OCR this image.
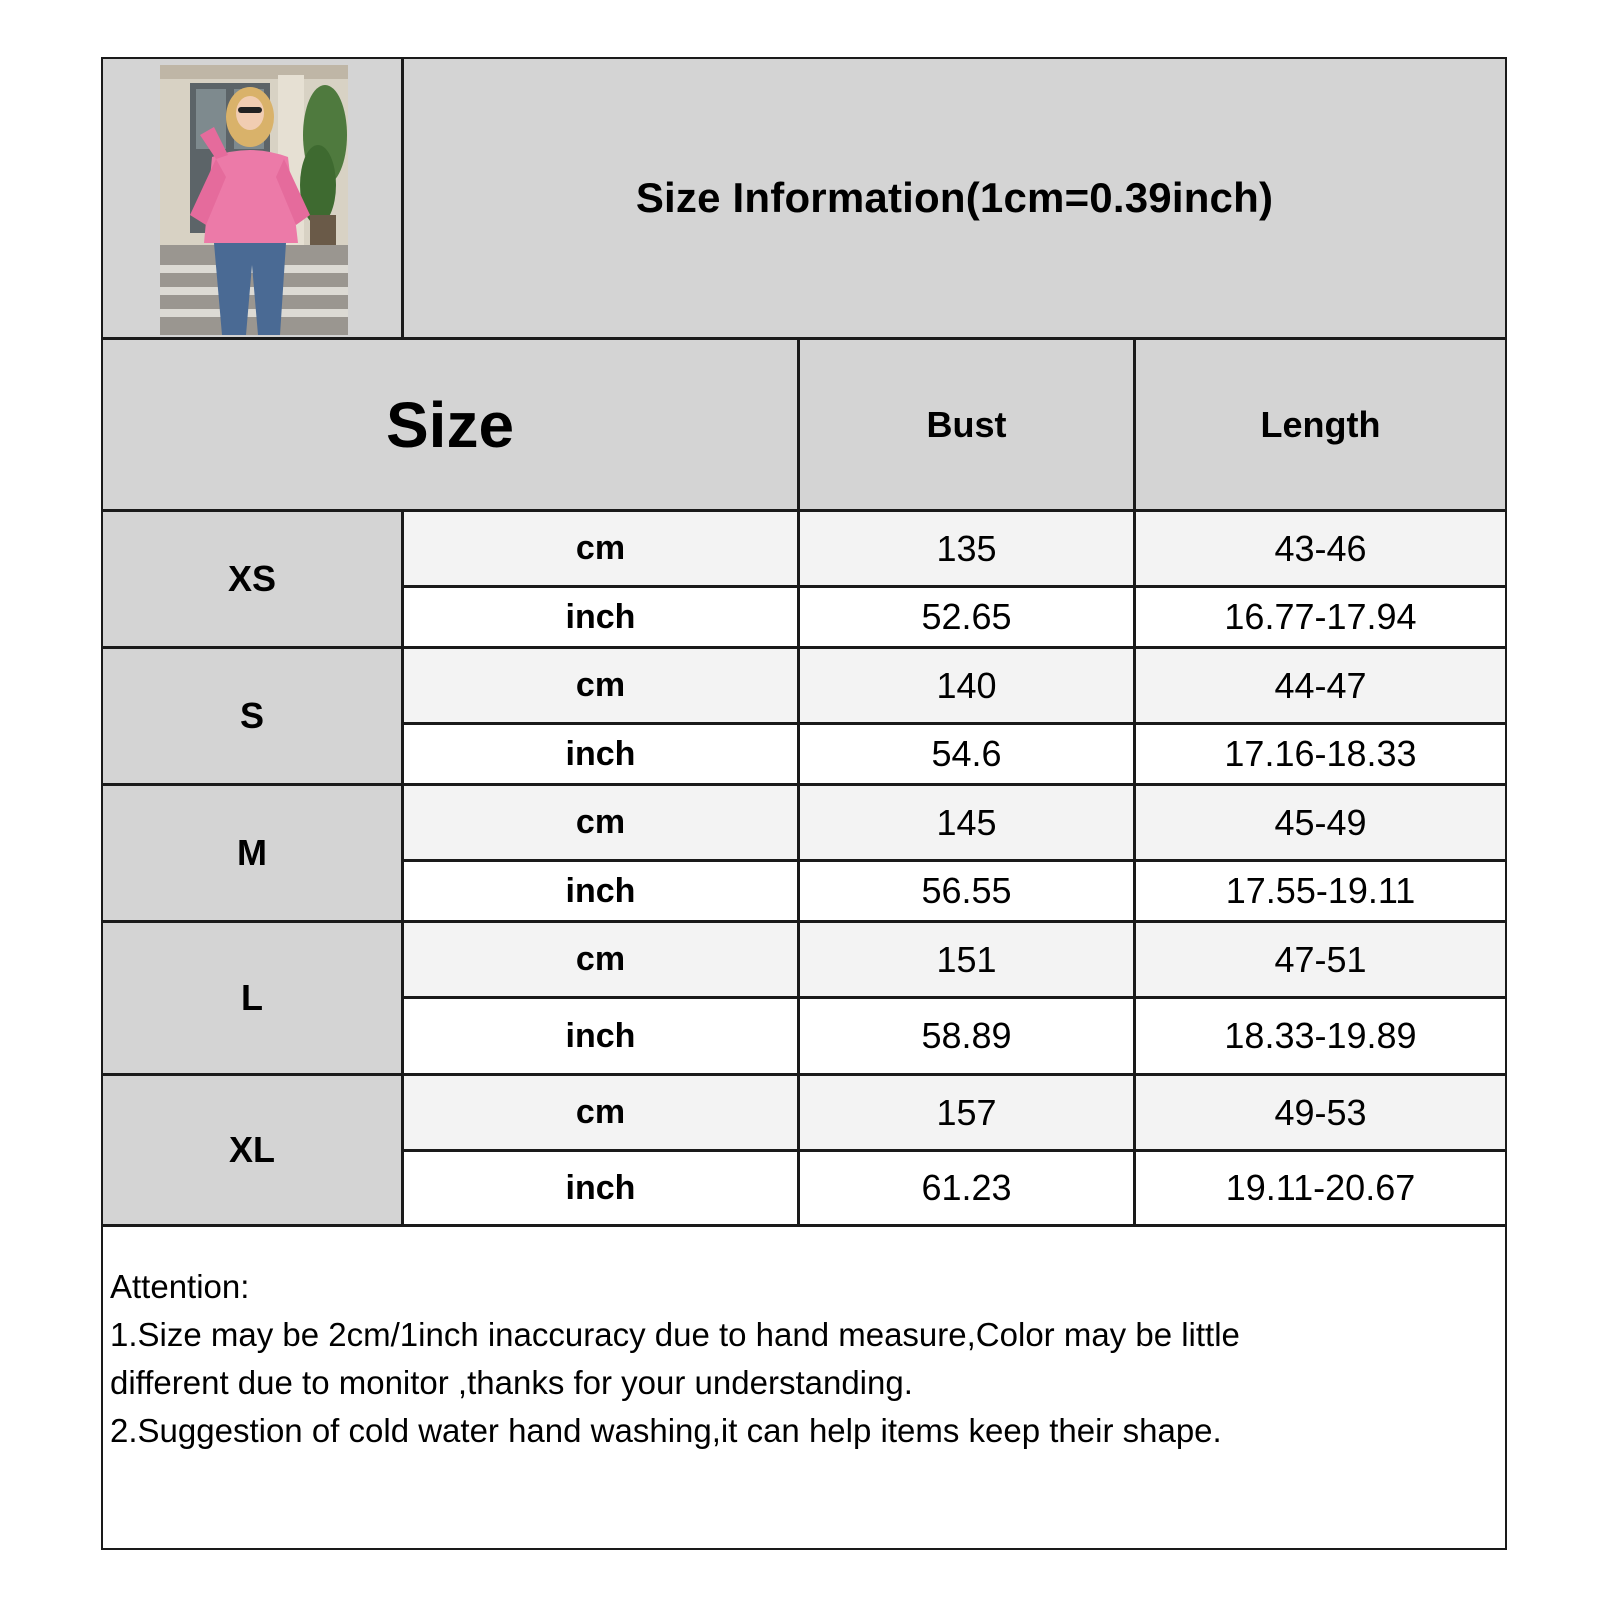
Size Information(1cm=0.39inch)
Size	Bust	Length
XS
cm	135	43-46
inch	52.65	16.77-17.94
S
cm	140	44-47
inch	54.6	17.16-18.33
M
cm	145	45-49
inch	56.55	17.55-19.11
L
cm	151	47-51
inch	58.89	18.33-19.89
XL
cm	157	49-53
inch	61.23	19.11-20.67
Attention:
1.Size may be 2cm/1inch inaccuracy due to hand measure,Color may be little
different due to monitor ,thanks for your understanding.
2.Suggestion of cold water hand washing,it can help items keep their shape.
